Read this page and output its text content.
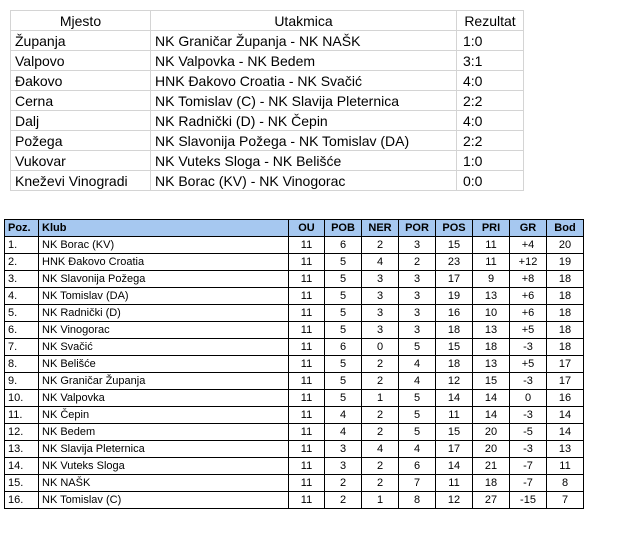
Mjesto	Utakmica	Rezultat
Županja	NK Graničar Županja - NK NAŠK	1:0
Valpovo	NK Valpovka - NK Bedem	3:1
Đakovo	HNK Đakovo Croatia - NK Svačić	4:0
Cerna	NK Tomislav (C) - NK Slavija Pleternica	2:2
Dalj	NK Radnički (D) - NK Čepin	4:0
Požega	NK Slavonija Požega - NK Tomislav (DA)	2:2
Vukovar	NK Vuteks Sloga - NK Belišće	1:0
Kneževi Vinogradi	NK Borac (KV) - NK Vinogorac	0:0
Poz.	Klub	OU	POB	NER	POR	POS	PRI	GR	Bod
1.	NK Borac (KV)	11	6	2	3	15	11	+4	20
2.	HNK Đakovo Croatia	11	5	4	2	23	11	+12	19
3.	NK Slavonija Požega	11	5	3	3	17	9	+8	18
4.	NK Tomislav (DA)	11	5	3	3	19	13	+6	18
5.	NK Radnički (D)	11	5	3	3	16	10	+6	18
6.	NK Vinogorac	11	5	3	3	18	13	+5	18
7.	NK Svačić	11	6	0	5	15	18	-3	18
8.	NK Belišće	11	5	2	4	18	13	+5	17
9.	NK Graničar Županja	11	5	2	4	12	15	-3	17
10.	NK Valpovka	11	5	1	5	14	14	0	16
11.	NK Čepin	11	4	2	5	11	14	-3	14
12.	NK Bedem	11	4	2	5	15	20	-5	14
13.	NK Slavija Pleternica	11	3	4	4	17	20	-3	13
14.	NK Vuteks Sloga	11	3	2	6	14	21	-7	11
15.	NK NAŠK	11	2	2	7	11	18	-7	8
16.	NK Tomislav (C)	11	2	1	8	12	27	-15	7
